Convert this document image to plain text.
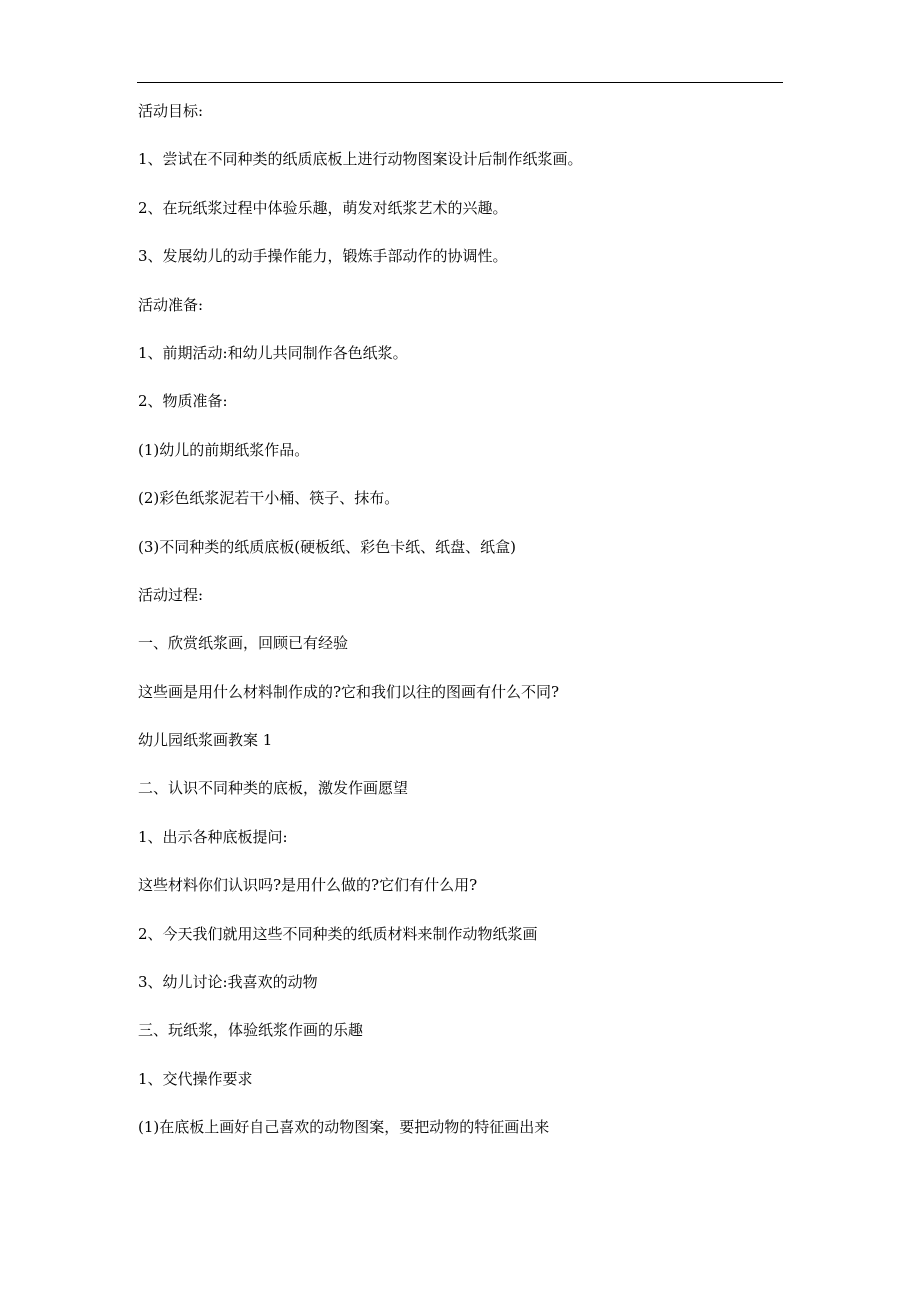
活动目标:
1、尝试在不同种类的纸质底板上进行动物图案设计后制作纸浆画。
2、在玩纸浆过程中体验乐趣，萌发对纸浆艺术的兴趣。
3、发展幼儿的动手操作能力，锻炼手部动作的协调性。
活动准备:
1、前期活动:和幼儿共同制作各色纸浆。
2、物质准备:
(1)幼儿的前期纸浆作品。
(2)彩色纸浆泥若干小桶、筷子、抹布。
(3)不同种类的纸质底板(硬板纸、彩色卡纸、纸盘、纸盒)
活动过程:
一、欣赏纸浆画，回顾已有经验
这些画是用什么材料制作成的?它和我们以往的图画有什么不同?
幼儿园纸浆画教案 1
二、认识不同种类的底板，激发作画愿望
1、出示各种底板提问:
这些材料你们认识吗?是用什么做的?它们有什么用?
2、今天我们就用这些不同种类的纸质材料来制作动物纸浆画
3、幼儿讨论:我喜欢的动物
三、玩纸浆，体验纸浆作画的乐趣
1、交代操作要求
(1)在底板上画好自己喜欢的动物图案，要把动物的特征画出来
